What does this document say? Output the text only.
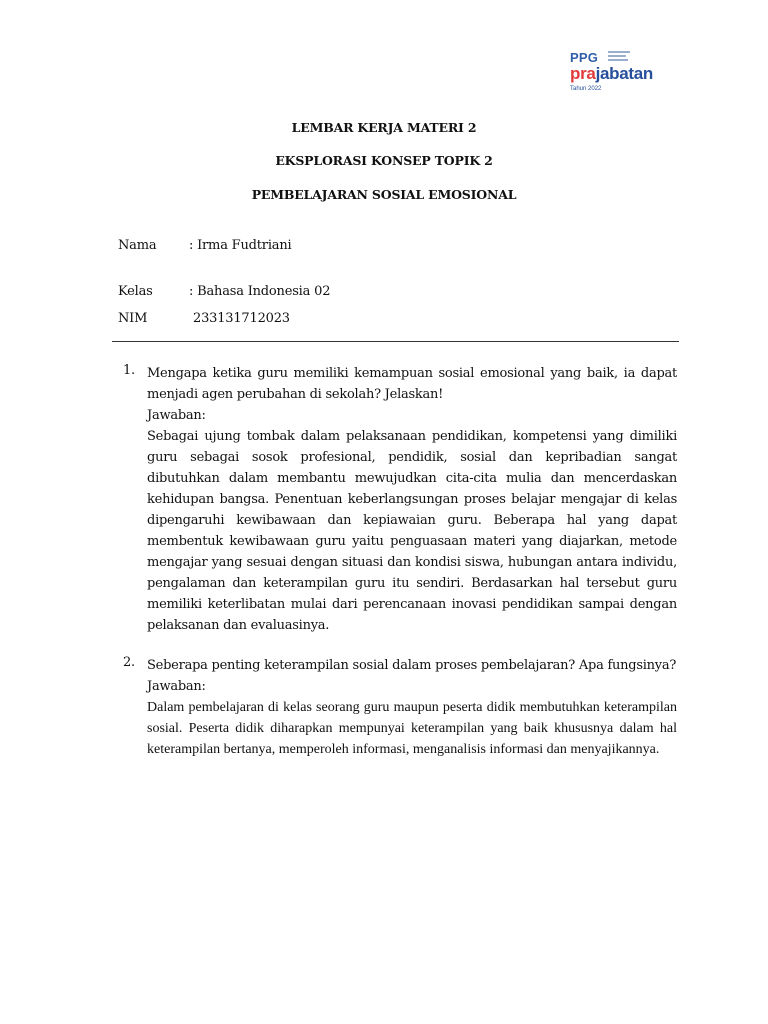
PPG
prajabatan
Tahun 2022
LEMBAR KERJA MATERI 2
EKSPLORASI KONSEP TOPIK 2
PEMBELAJARAN SOSIAL EMOSIONAL
Nama	: Irma Fudtriani
Kelas	: Bahasa Indonesia 02
NIM	233131712023
1. Mengapa ketika guru memiliki kemampuan sosial emosional yang baik, ia dapat menjadi agen perubahan di sekolah? Jelaskan!

Jawaban:

Sebagai ujung tombak dalam pelaksanaan pendidikan, kompetensi yang dimiliki guru sebagai sosok profesional, pendidik, sosial dan kepribadian sangat dibutuhkan dalam membantu mewujudkan cita-cita mulia dan mencerdaskan kehidupan bangsa. Penentuan keberlangsungan proses belajar mengajar di kelas dipengaruhi kewibawaan dan kepiawaian guru. Beberapa hal yang dapat membentuk kewibawaan guru yaitu penguasaan materi yang diajarkan, metode mengajar yang sesuai dengan situasi dan kondisi siswa, hubungan antara individu, pengalaman dan keterampilan guru itu sendiri. Berdasarkan hal tersebut guru memiliki keterlibatan mulai dari perencanaan inovasi pendidikan sampai dengan pelaksanan dan evaluasinya.

2. Seberapa penting keterampilan sosial dalam proses pembelajaran? Apa fungsinya?

Jawaban:

Dalam pembelajaran di kelas seorang guru maupun peserta didik membutuhkan keterampilan sosial. Peserta didik diharapkan mempunyai keterampilan yang baik khususnya dalam hal keterampilan bertanya, memperoleh informasi, menganalisis informasi dan menyajikannya.
